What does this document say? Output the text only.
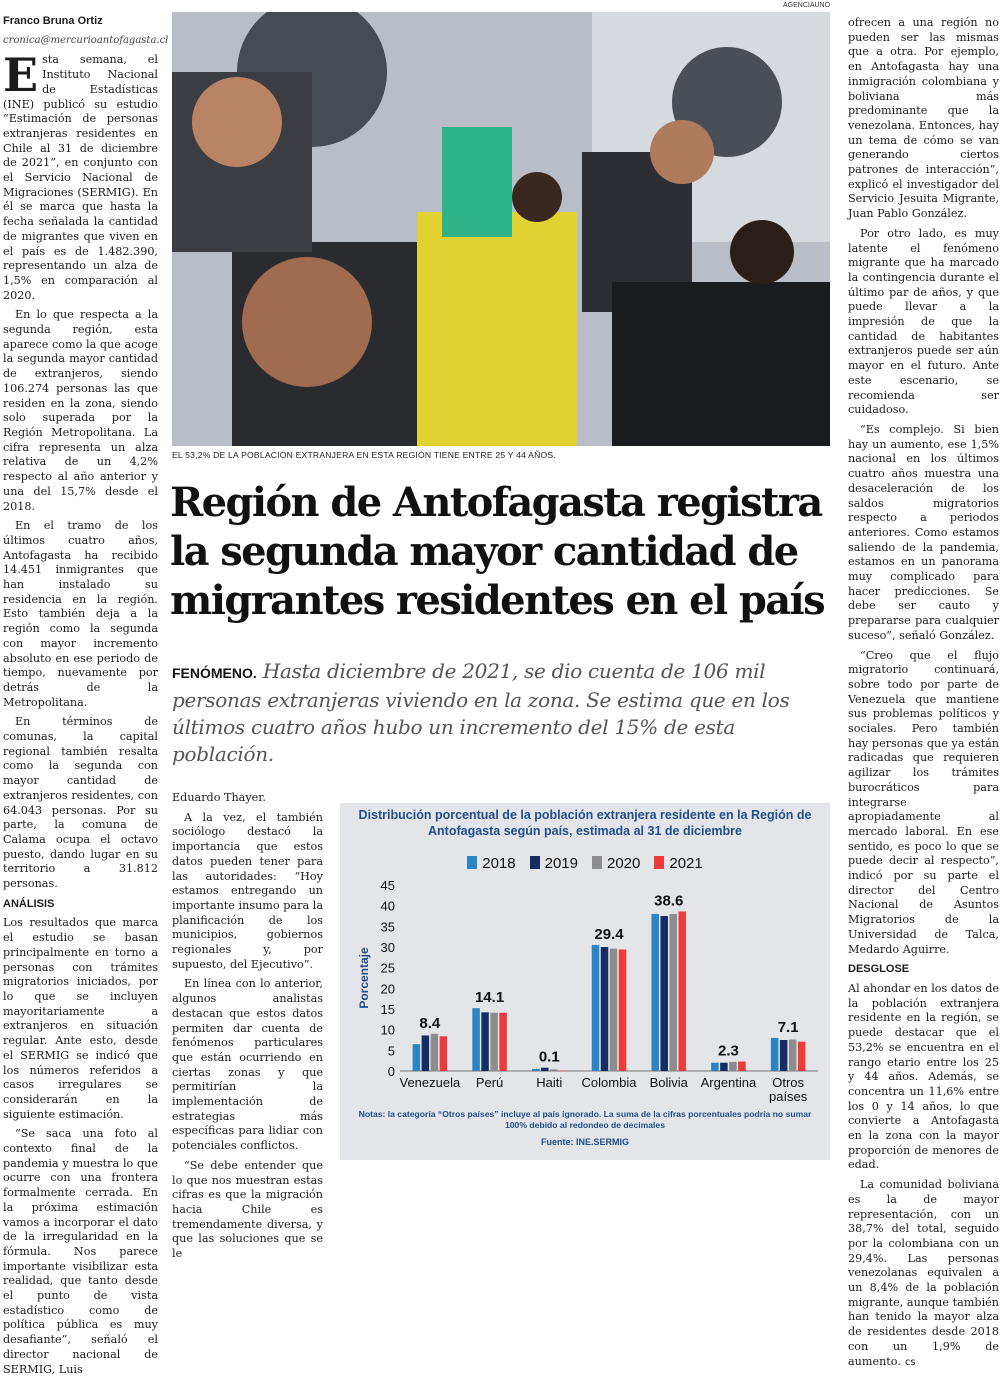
Franco Bruna Ortiz

cronica@mercurioantofagasta.cl

Esta semana, el Instituto Nacional de Estadísticas (INE) publicó su estudio “Estimación de personas extranjeras residentes en Chile al 31 de diciembre de 2021”, en conjunto con el Servicio Nacional de Migraciones (SERMIG). En él se marca que hasta la fecha señalada la cantidad de migrantes que viven en el país es de 1.482.390, representando un alza de 1,5% en comparación al 2020.

En lo que respecta a la segunda región, esta aparece como la que acoge la segunda mayor cantidad de extranjeros, siendo 106.274 personas las que residen en la zona, siendo solo superada por la Región Metropolitana. La cifra representa un alza relativa de un 4,2% respecto al año anterior y una del 15,7% desde el 2018.

En el tramo de los últimos cuatro años, Antofagasta ha recibido 14.451 inmigrantes que han instalado su residencia en la región. Esto también deja a la región como la segunda con mayor incremento absoluto en ese periodo de tiempo, nuevamente por detrás de la Metropolitana.

En términos de comunas, la capital regional también resalta como la segunda con mayor cantidad de extranjeros residentes, con 64.043 personas. Por su parte, la comuna de Calama ocupa el octavo puesto, dando lugar en su territorio a 31.812 personas.

ANÁLISIS

Los resultados que marca el estudio se basan principalmente en torno a personas con trámites migratorios iniciados, por lo que se incluyen mayoritariamente a extranjeros en situación regular. Ante esto, desde el SERMIG se indicó que los números referidos a casos irregulares se considerarán en la siguiente estimación.

“Se saca una foto al contexto final de la pandemia y muestra lo que ocurre con una frontera formalmente cerrada. En la próxima estimación vamos a incorporar el dato de la irregularidad en la fórmula. Nos parece importante visibilizar esta realidad, que tanto desde el punto de vista estadístico como de política pública es muy desafiante”, señaló el director nacional de SERMIG, Luis

AGENCIAUNO
EL 53,2% DE LA POBLACIÓN EXTRANJERA EN ESTA REGIÓN TIENE ENTRE 25 Y 44 AÑOS.
Región de Antofagasta registra la segunda mayor cantidad de migrantes residentes en el país
FENÓMENO. Hasta diciembre de 2021, se dio cuenta de 106 mil personas extranjeras viviendo en la zona. Se estima que en los últimos cuatro años hubo un incremento del 15% de esta población.

Eduardo Thayer.

A la vez, el también sociólogo destacó la importancia que estos datos pueden tener para las autoridades: “Hoy estamos entregando un importante insumo para la planificación de los municipios, gobiernos regionales y, por supuesto, del Ejecutivo”.

En línea con lo anterior, algunos analistas destacan que estos datos permiten dar cuenta de fenómenos particulares que están ocurriendo en ciertas zonas y que permitirían la implementación de estrategias más específicas para lidiar con potenciales conflictos.

“Se debe entender que lo que nos muestran estas cifras es que la migración hacia Chile es tremendamente diversa, y que las soluciones que se le

Distribución porcentual de la población extranjera residente en la Región de Antofagasta según país, estimada al 31 de diciembre
2018	2019	2020	2021
0
5
10
15
20
25
30
35
40
45
Porcentaje
8.4
Venezuela
14.1
Perú
0.1
Haiti
29.4
Colombia
38.6
Bolivia
2.3
Argentina
7.1
Otros países
Notas: la categoría “Otros países” incluye al país ignorado. La suma de la cifras porcentuales podría no sumar 100% debido al redondeo de decimales
Fuente: INE.SERMIG

ofrecen a una región no pueden ser las mismas que a otra. Por ejemplo, en Antofagasta hay una inmigración colombiana y boliviana más predominante que la venezolana. Entonces, hay un tema de cómo se van generando ciertos patrones de interacción”, explicó el investigador del Servicio Jesuita Migrante, Juan Pablo González.

Por otro lado, es muy latente el fenómeno migrante que ha marcado la contingencia durante el último par de años, y que puede llevar a la impresión de que la cantidad de habitantes extranjeros puede ser aún mayor en el futuro. Ante este escenario, se recomienda ser cuidadoso.

“Es complejo. Si bien hay un aumento, ese 1,5% nacional en los últimos cuatro años muestra una desaceleración de los saldos migratorios respecto a periodos anteriores. Como estamos saliendo de la pandemia, estamos en un panorama muy complicado para hacer predicciones. Se debe ser cauto y prepararse para cualquier suceso”, señaló González.

“Creo que el flujo migratorio continuará, sobre todo por parte de Venezuela que mantiene sus problemas políticos y sociales. Pero también hay personas que ya están radicadas que requieren agilizar los trámites burocráticos para integrarse apropiadamente al mercado laboral. En ese sentido, es poco lo que se puede decir al respecto”, indicó por su parte el director del Centro Nacional de Asuntos Migratorios de la Universidad de Talca, Medardo Aguirre.

DESGLOSE

Al ahondar en los datos de la población extranjera residente en la región, se puede destacar que el 53,2% se encuentra en el rango etario entre los 25 y 44 años. Además, se concentra un 11,6% entre los 0 y 14 años, lo que convierte a Antofagasta en la zona con la mayor proporción de menores de edad.

La comunidad boliviana es la de mayor representación, con un 38,7% del total, seguido por la colombiana con un 29,4%. Las personas venezolanas equivalen a un 8,4% de la población migrante, aunque también han tenido la mayor alza de residentes desde 2018 con un 1,9% de aumento. cs
